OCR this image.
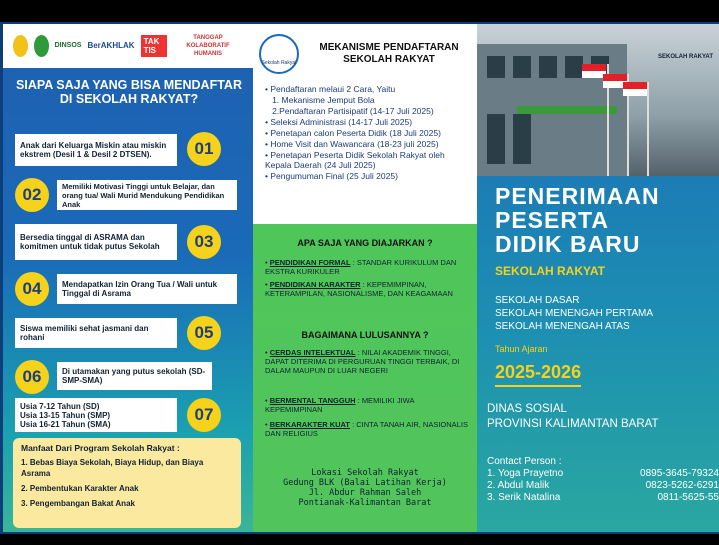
DINSOS BerAKHLAK	TAK TIS
TANGGAP KOLABORATIF HUMANIS
SIAPA SAJA YANG BISA MENDAFTAR DI SEKOLAH RAKYAT?
Anak dari Keluarga Miskin atau miskin ekstrem (Desil 1 & Desil 2 DTSEN).	01
02	Memiliki Motivasi Tinggi untuk Belajar, dan orang tua/ Wali Murid Mendukung Pendidikan Anak
Bersedia tinggal di ASRAMA dan komitmen untuk tidak putus Sekolah	03
04	Mendapatkan Izin Orang Tua / Wali untuk Tinggal di Asrama
Siswa memiliki sehat jasmani dan rohani	05
06	Di utamakan yang putus sekolah (SD-SMP-SMA)
Usia 7-12 Tahun (SD)
Usia 13-15 Tahun (SMP)
Usia 16-21 Tahun (SMA)	07
Manfaat Dari Program Sekolah Rakyat :
1. Bebas Biaya Sekolah, Biaya Hidup, dan Biaya Asrama
2. Pembentukan Karakter Anak
3. Pengembangan Bakat Anak
Sekolah Rakyat
MEKANISME PENDAFTARAN SEKOLAH RAKYAT
• Pendaftaran melaui 2 Cara, Yaitu
1. Mekanisme Jemput Bola
2.Pendaftaran Partisipatif (14-17 Juli 2025)
• Seleksi Administrasi (14-17 Juli 2025)
• Penetapan calon Peserta Didik (18 Juli 2025)
• Home Visit dan Wawancara (18-23 juli 2025)
• Penetapan Peserta Didik Sekolah Rakyat oleh Kepala Daerah (24 Juli 2025)
• Pengumuman Final (25 Juli 2025)
APA SAJA YANG DIAJARKAN ?
• PENDIDIKAN FORMAL : STANDAR KURIKULUM DAN EKSTRA KURIKULER
• PENDIDIKAN KARAKTER : KEPEMIMPINAN, KETERAMPILAN, NASIONALISME, DAN KEAGAMAAN
BAGAIMANA LULUSANNYA ?
• CERDAS INTELEKTUAL : NILAI AKADEMIK TINGGI, DAPAT DITERIMA DI PERGURUAN TINGGI TERBAIK, DI DALAM MAUPUN DI LUAR NEGERI
• BERMENTAL TANGGUH : MEMILIKI JIWA KEPEMIMPINAN
• BERKARAKTER KUAT : CINTA TANAH AIR, NASIONALIS DAN RELIGIUS
Lokasi Sekolah Rakyat
Gedung BLK (Balai Latihan Kerja)
Jl. Abdur Rahman Saleh
Pontianak-Kalimantan Barat
SEKOLAH RAKYAT
PENERIMAAN
PESERTA
DIDIK BARU
SEKOLAH RAKYAT
SEKOLAH DASAR
SEKOLAH MENENGAH PERTAMA
SEKOLAH MENENGAH ATAS
Tahun Ajaran
2025-2026
DINAS SOSIAL
PROVINSI KALIMANTAN BARAT
Contact Person :
1. Yoga Prayetno	0895-3645-79324
2. Abdul Malik	0823-5262-6291
3. Serik Natalina	0811-5625-55
